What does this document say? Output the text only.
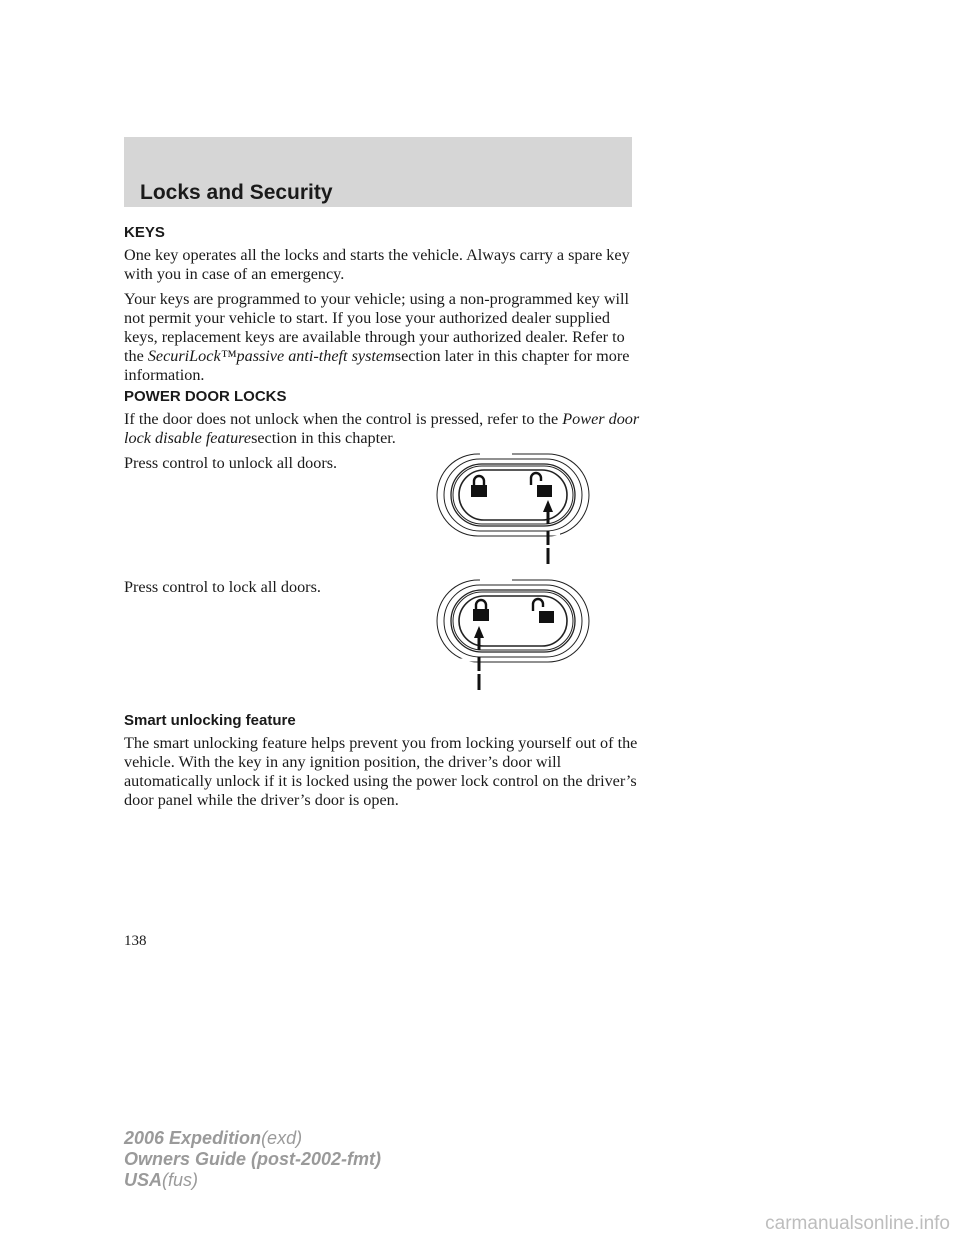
Locks and Security
KEYS
One key operates all the locks and starts the vehicle. Always carry a spare key with you in case of an emergency.
Your keys are programmed to your vehicle; using a non-programmed key will not permit your vehicle to start. If you lose your authorized dealer supplied keys, replacement keys are available through your authorized dealer. Refer to the SecuriLock™passive anti-theft systemsection later in this chapter for more information.
POWER DOOR LOCKS
If the door does not unlock when the control is pressed, refer to the Power door lock disable featuresection in this chapter.
Press control to unlock all doors.
Press control to lock all doors.
Smart unlocking feature
The smart unlocking feature helps prevent you from locking yourself out of the vehicle. With the key in any ignition position, the driver’s door will automatically unlock if it is locked using the power lock control on the driver’s door panel while the driver’s door is open.
138
2006 Expedition(exd)
Owners Guide (post-2002-fmt)
USA(fus)
carmanualsonline.info
